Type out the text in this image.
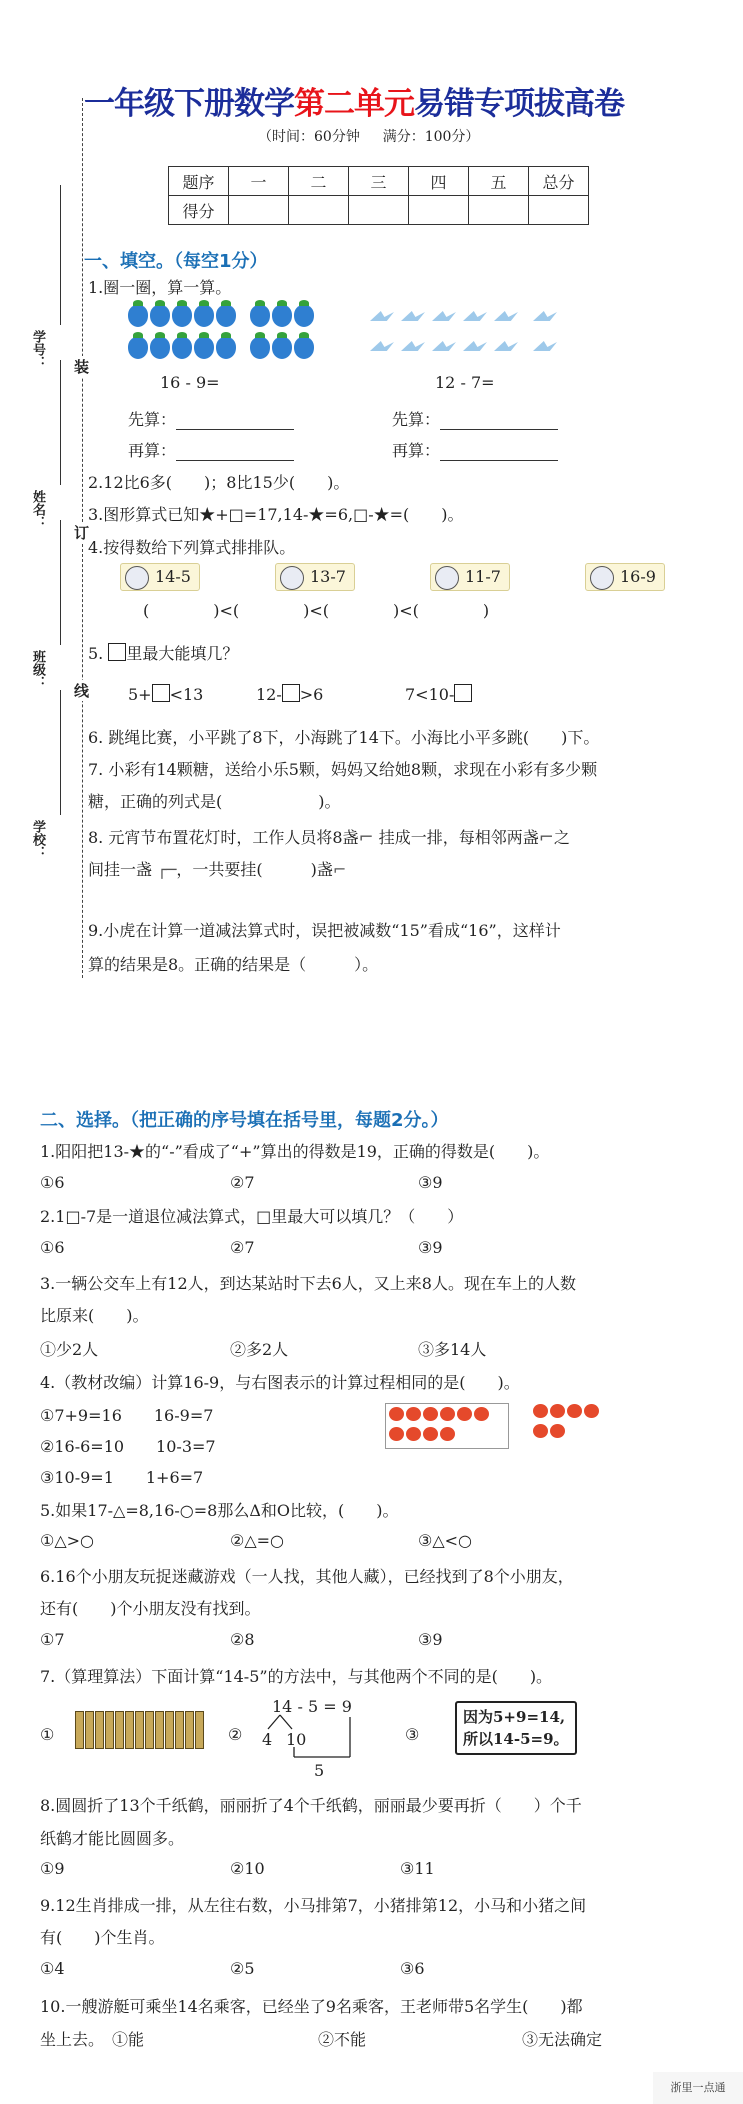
一年级下册数学第二单元易错专项拔高卷
（时间：60分钟 　 满分：100分）
题序	一	二	三	四	五	总分
得分						
学号：
姓名：
班级：
学校：
装
订
线
一、填空。（每空1分）
1.圈一圈，算一算。
16 - 9=	12 - 7=
先算：	先算：
再算：	再算：
2.12比6多(　　)；8比15少(　　)。
3.图形算式已知★+□=17,14-★=6,□-★=(　　)。
4.按得数给下列算式排排队。
14-5	13-7	11-7	16-9
(　　　　)<(　　　　)<(　　　　)<(　　　　)
5. 里最大能填几？
5+ <13	12- >6	7<10-
6. 跳绳比赛，小平跳了8下，小海跳了14下。小海比小平多跳(　　)下。
7. 小彩有14颗糖，送给小乐5颗，妈妈又给她8颗，求现在小彩有多少颗
糖，正确的列式是(　　　　　　)。
8. 元宵节布置花灯时，工作人员将8盏⌐ 挂成一排，每相邻两盏⌐之
间挂一盏 ┌─，一共要挂(　　　)盏⌐
9.小虎在计算一道减法算式时，误把被减数“15”看成“16”，这样计
算的结果是8。正确的结果是（　　　）。
二、选择。（把正确的序号填在括号里，每题2分。）
1.阳阳把13-★的“-”看成了“+”算出的得数是19，正确的得数是(　　)。
①6	②7	③9
2.1□-7是一道退位减法算式，□里最大可以填几？（　　）
①6	②7	③9
3.一辆公交车上有12人，到达某站时下去6人，又上来8人。现在车上的人数
比原来(　　)。
①少2人	②多2人	③多14人
4.（教材改编）计算16-9，与右图表示的计算过程相同的是(　　)。
①7+9=16　　16-9=7
②16-6=10　　10-3=7
③10-9=1　　1+6=7

5.如果17-△=8,16-○=8那么Δ和O比较，(　　)。
①△>○	②△=○	③△<○
6.16个小朋友玩捉迷藏游戏（一人找，其他人藏），已经找到了8个小朋友，
还有(　　)个小朋友没有找到。
①7	②8	③9
7.（算理算法）下面计算“14-5”的方法中，与其他两个不同的是(　　)。
①	②
14 - 5 = 9
4 10
5
③
因为5+9=14,
所以14-5=9。
8.圆圆折了13个千纸鹤，丽丽折了4个千纸鹤，丽丽最少要再折（　　）个千
纸鹤才能比圆圆多。
①9	②10	③11
9.12生肖排成一排，从左往右数，小马排第7，小猪排第12，小马和小猪之间
有(　　)个生肖。
①4	②5	③6
10.一艘游艇可乘坐14名乘客，已经坐了9名乘客，王老师带5名学生(　　)都
坐上去。　①能	②不能	③无法确定
浙里一点通
